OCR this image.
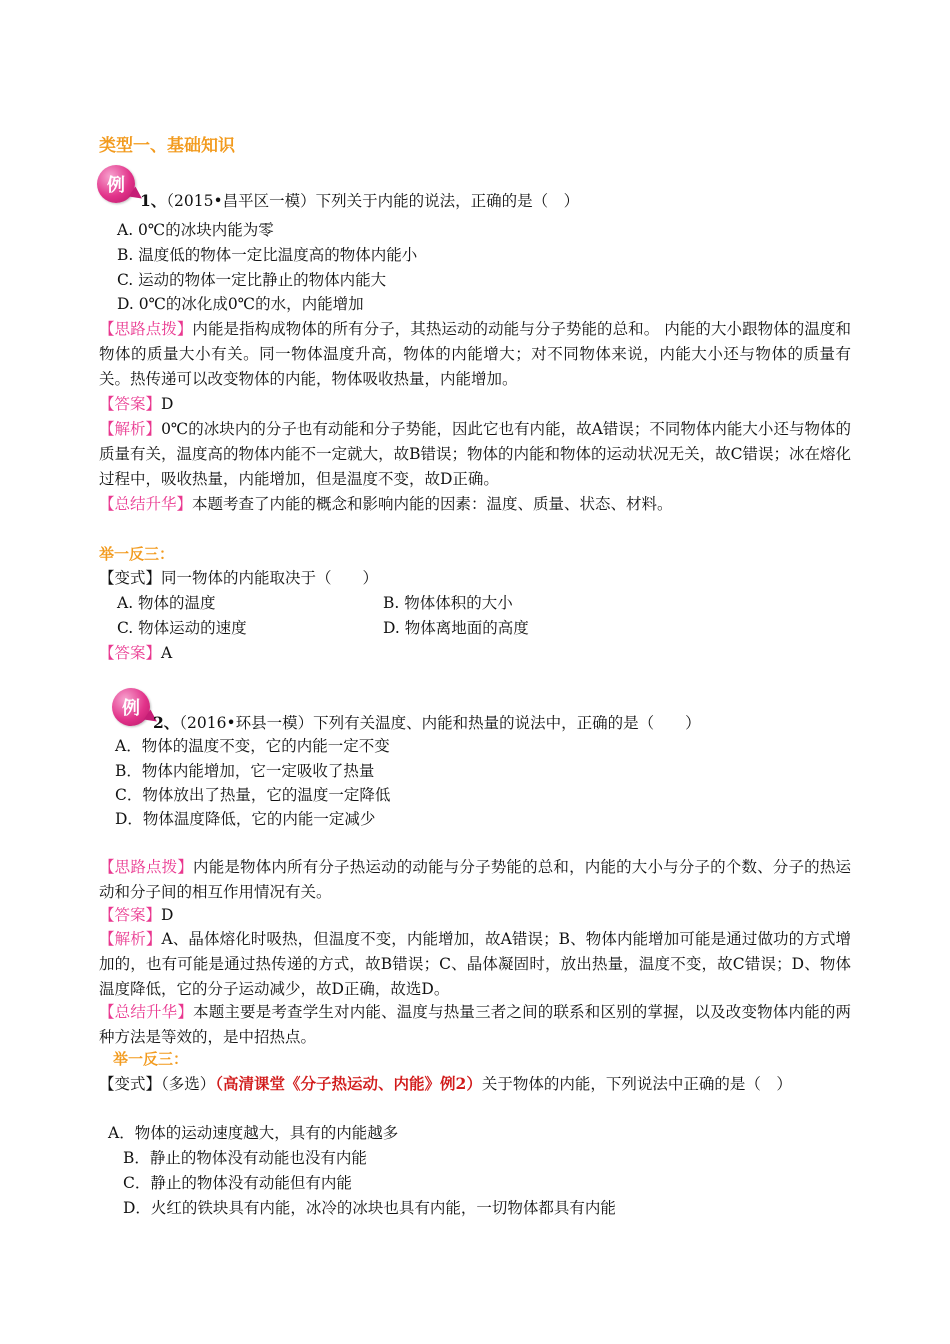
类型一、基础知识
例
1、（2015•昌平区一模）下列关于内能的说法，正确的是（　）
A. 0℃的冰块内能为零
B. 温度低的物体一定比温度高的物体内能小
C. 运动的物体一定比静止的物体内能大
D. 0℃的冰化成0℃的水，内能增加
【思路点拨】内能是指构成物体的所有分子，其热运动的动能与分子势能的总和。 内能的大小跟物体的温度和物体的质量大小有关。同一物体温度升高，物体的内能增大；对不同物体来说，内能大小还与物体的质量有关。热传递可以改变物体的内能，物体吸收热量，内能增加。
【答案】D
【解析】0℃的冰块内的分子也有动能和分子势能，因此它也有内能，故A错误；不同物体内能大小还与物体的质量有关，温度高的物体内能不一定就大，故B错误；物体的内能和物体的运动状况无关，故C错误；冰在熔化过程中，吸收热量，内能增加，但是温度不变，故D正确。
【总结升华】本题考查了内能的概念和影响内能的因素：温度、质量、状态、材料。
举一反三：
【变式】同一物体的内能取决于（　　）
A. 物体的温度	B. 物体体积的大小
C. 物体运动的速度	D. 物体离地面的高度
【答案】A
例
2、（2016•环县一模）下列有关温度、内能和热量的说法中，正确的是（　　）
A．物体的温度不变，它的内能一定不变
B．物体内能增加，它一定吸收了热量
C．物体放出了热量，它的温度一定降低
D．物体温度降低，它的内能一定减少
【思路点拨】内能是物体内所有分子热运动的动能与分子势能的总和，内能的大小与分子的个数、分子的热运动和分子间的相互作用情况有关。
【答案】D
【解析】A、晶体熔化时吸热，但温度不变，内能增加，故A错误；B、物体内能增加可能是通过做功的方式增加的，也有可能是通过热传递的方式，故B错误；C、晶体凝固时，放出热量，温度不变，故C错误；D、物体温度降低，它的分子运动减少，故D正确，故选D。
【总结升华】本题主要是考查学生对内能、温度与热量三者之间的联系和区别的掌握，以及改变物体内能的两种方法是等效的，是中招热点。
举一反三：
【变式】（多选）（高清课堂《分子热运动、内能》例2）关于物体的内能，下列说法中正确的是（　）
A．物体的运动速度越大，具有的内能越多
B．静止的物体没有动能也没有内能
C．静止的物体没有动能但有内能
D．火红的铁块具有内能，冰冷的冰块也具有内能，一切物体都具有内能
